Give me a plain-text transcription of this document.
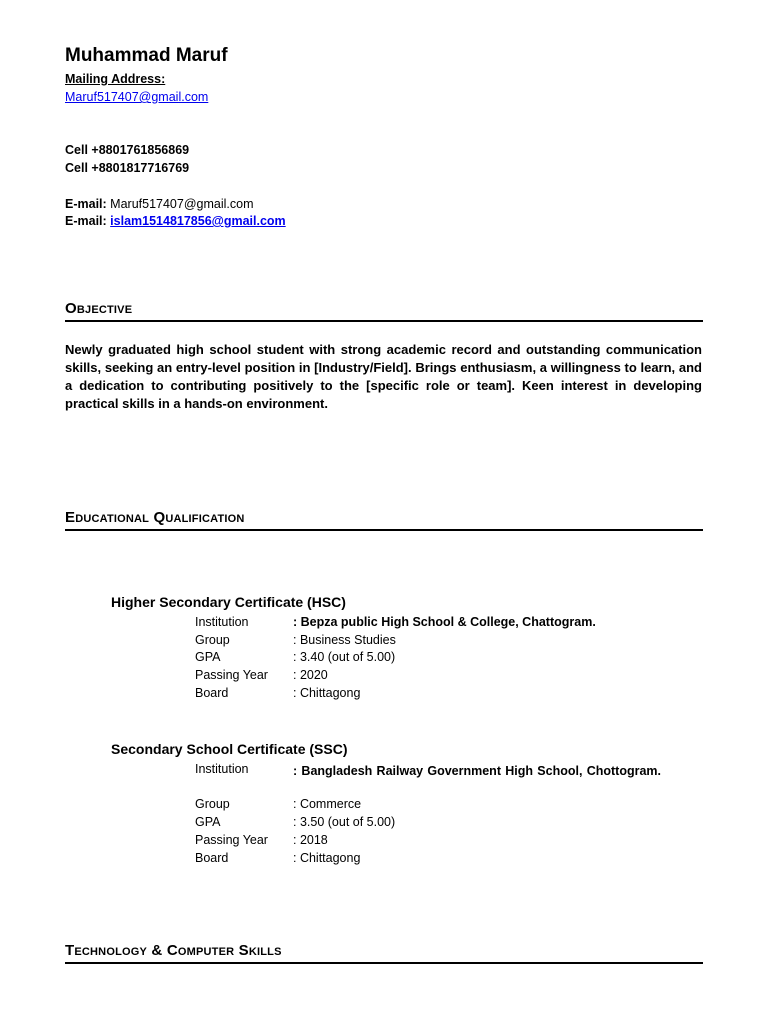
Muhammad Maruf
Mailing Address:
Maruf517407@gmail.com
Cell +8801761856869
Cell +8801817716769
E-mail: Maruf517407@gmail.com
E-mail: islam1514817856@gmail.com
Objective
Newly graduated high school student with strong academic record and outstanding communication skills, seeking an entry-level position in [Industry/Field]. Brings enthusiasm, a willingness to learn, and a dedication to contributing positively to the [specific role or team]. Keen interest in developing practical skills in a hands-on environment.
Educational Qualification
Higher Secondary Certificate (HSC)
Institution	: Bepza public High School & College, Chattogram.
Group	: Business Studies
GPA	: 3.40 (out of 5.00)
Passing Year : 2020
Board	: Chittagong
Secondary School Certificate (SSC)
Institution	: Bangladesh Railway Government High School, Chottogram.
Group	: Commerce
GPA	: 3.50 (out of 5.00)
Passing Year : 2018
Board	: Chittagong
Technology & Computer Skills
